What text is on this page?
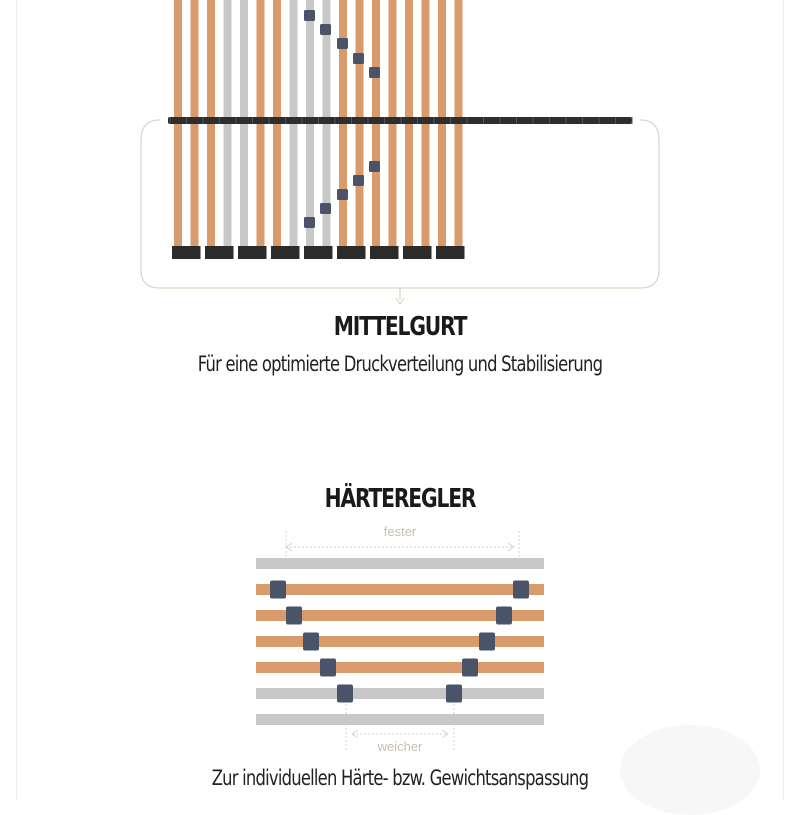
MITTELGURT
Für eine optimierte Druckverteilung und Stabilisierung
HÄRTEREGLER
fester
weicher
Zur individuellen Härte- bzw. Gewichtsanspassung
